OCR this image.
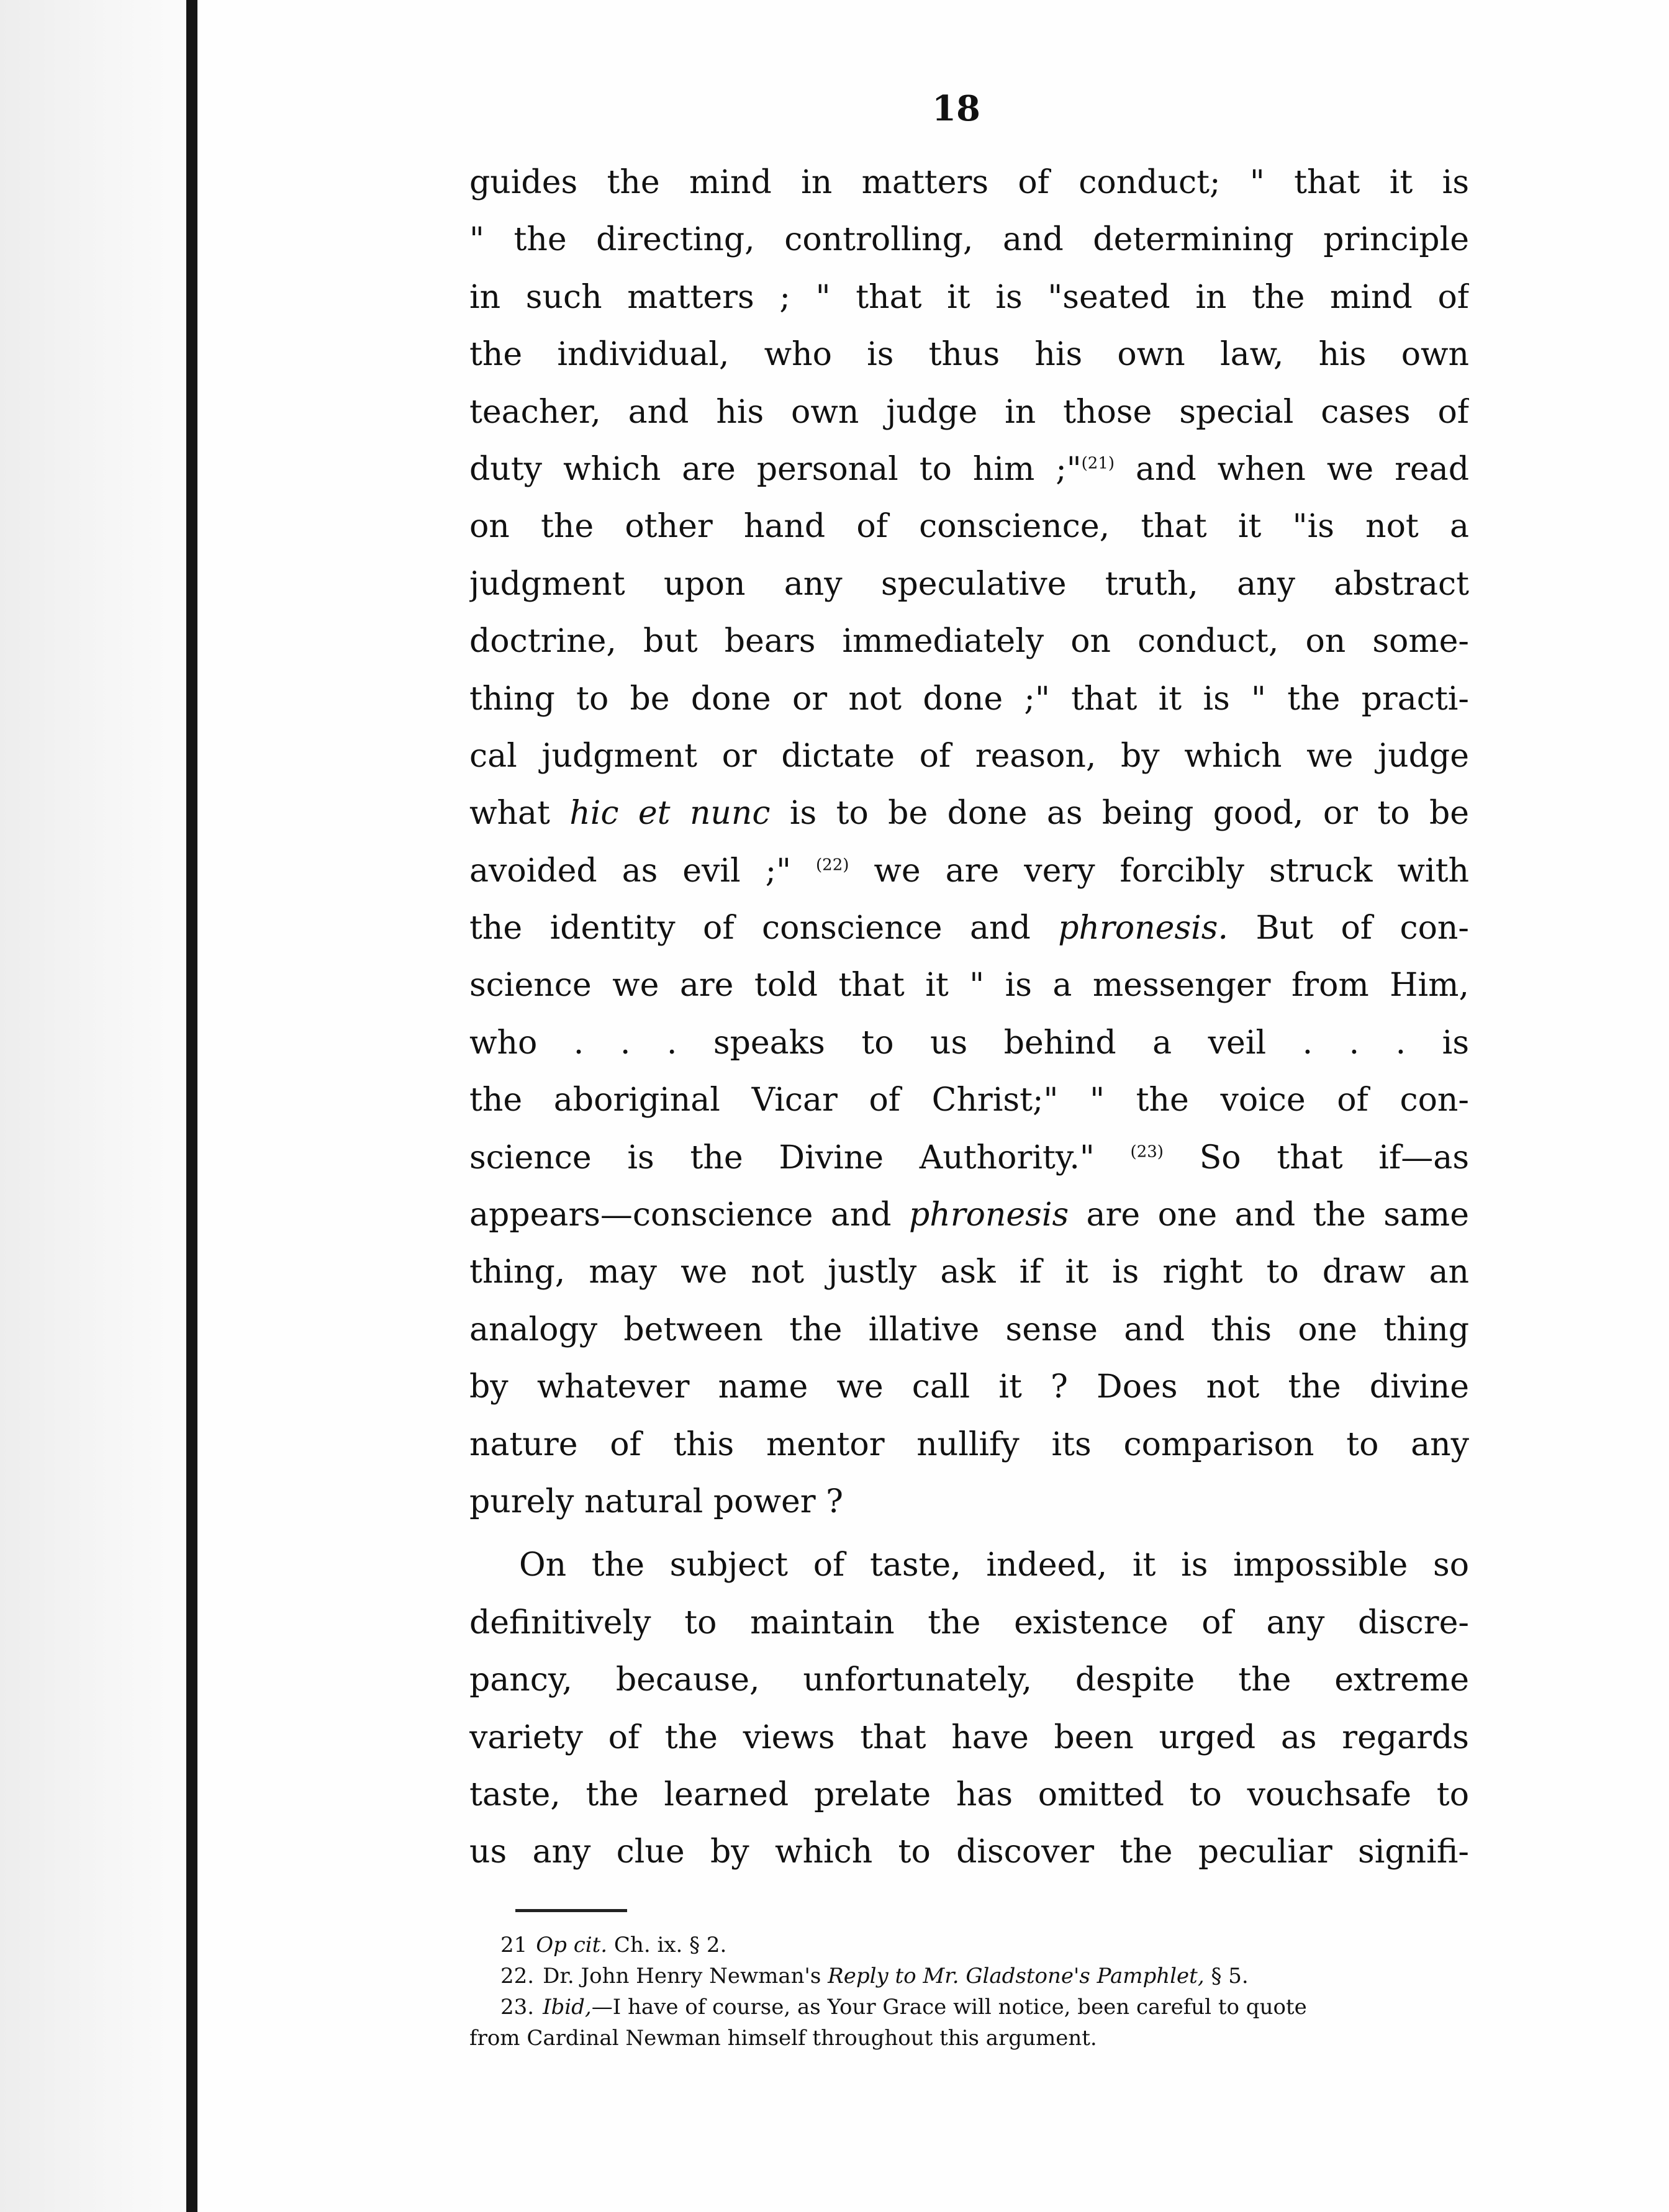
18
guides the mind in matters of conduct; " that it is
" the directing, controlling, and determining principle
in such matters ; " that it is "seated in the mind of
the individual, who is thus his own law, his own
teacher, and his own judge in those special cases of
duty which are personal to him ;"$^{(21)}$ and when we read
on the other hand of conscience, that it "is not a
judgment upon any speculative truth, any abstract
doctrine, but bears immediately on conduct, on some-
thing to be done or not done ;" that it is " the practi-
cal judgment or dictate of reason, by which we judge
what hic et nunc is to be done as being good, or to be
avoided as evil ;" $^{(22)}$ we are very forcibly struck with
the identity of conscience and phronesis. But of con-
science we are told that it " is a messenger from Him,
who . . . speaks to us behind a veil . . . is
the aboriginal Vicar of Christ;" " the voice of con-
science is the Divine Authority." $^{(23)}$ So that if—as
appears—conscience and phronesis are one and the same
thing, may we not justly ask if it is right to draw an
analogy between the illative sense and this one thing
by whatever name we call it ? Does not the divine
nature of this mentor nullify its comparison to any
purely natural power ?
On the subject of taste, indeed, it is impossible so
definitively to maintain the existence of any discre-
pancy, because, unfortunately, despite the extreme
variety of the views that have been urged as regards
taste, the learned prelate has omitted to vouchsafe to
us any clue by which to discover the peculiar signifi-
21 Op cit. Ch. ix. § 2.
22. Dr. John Henry Newman's Reply to Mr. Gladstone's Pamphlet, § 5.
23. Ibid,—I have of course, as Your Grace will notice, been careful to quote
from Cardinal Newman himself throughout this argument.
